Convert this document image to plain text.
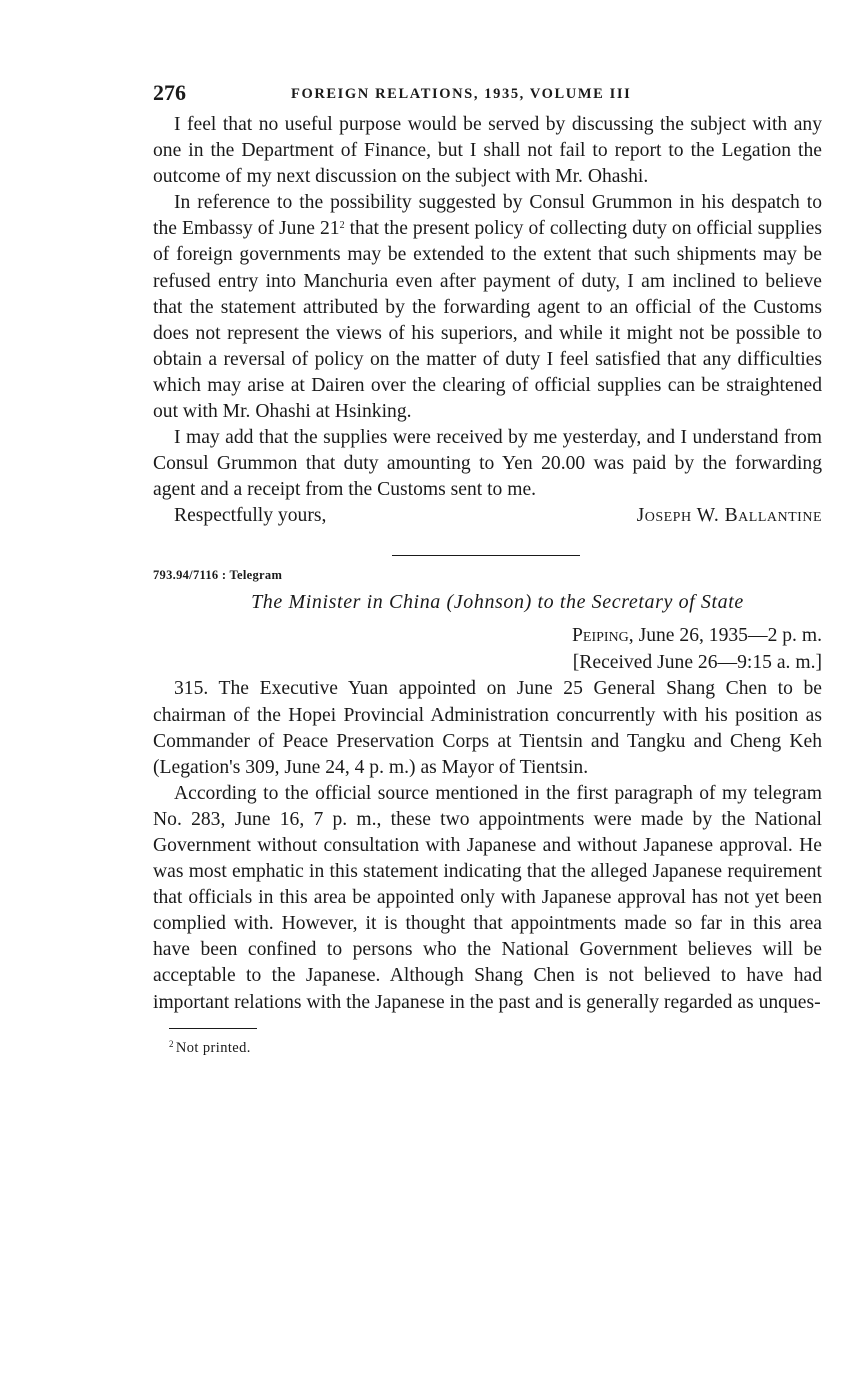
276	FOREIGN RELATIONS, 1935, VOLUME III

I feel that no useful purpose would be served by discussing the subject with any one in the Department of Finance, but I shall not fail to report to the Legation the outcome of my next discussion on the subject with Mr. Ohashi.

In reference to the possibility suggested by Consul Grummon in his despatch to the Embassy of June 21$^2$ that the present policy of collecting duty on official supplies of foreign governments may be extended to the extent that such shipments may be refused entry into Manchuria even after payment of duty, I am inclined to believe that the statement attributed by the forwarding agent to an official of the Customs does not represent the views of his superiors, and while it might not be possible to obtain a reversal of policy on the matter of duty I feel satisfied that any difficulties which may arise at Dairen over the clearing of official supplies can be straightened out with Mr. Ohashi at Hsinking.

I may add that the supplies were received by me yesterday, and I understand from Consul Grummon that duty amounting to Yen 20.00 was paid by the forwarding agent and a receipt from the Customs sent to me.

Respectfully yours,	Joseph W. Ballantine
793.94/7116 : Telegram
The Minister in China (Johnson) to the Secretary of State
Peiping, June 26, 1935—2 p. m.
[Received June 26—9:15 a. m.]

315. The Executive Yuan appointed on June 25 General Shang Chen to be chairman of the Hopei Provincial Administration concurrently with his position as Commander of Peace Preservation Corps at Tientsin and Tangku and Cheng Keh (Legation's 309, June 24, 4 p. m.) as Mayor of Tientsin.

According to the official source mentioned in the first paragraph of my telegram No. 283, June 16, 7 p. m., these two appointments were made by the National Government without consultation with Japanese and without Japanese approval. He was most emphatic in this statement indicating that the alleged Japanese requirement that officials in this area be appointed only with Japanese approval has not yet been complied with. However, it is thought that appointments made so far in this area have been confined to persons who the National Government believes will be acceptable to the Japanese. Although Shang Chen is not believed to have had important relations with the Japanese in the past and is generally regarded as unques-

$^2$ Not printed.
